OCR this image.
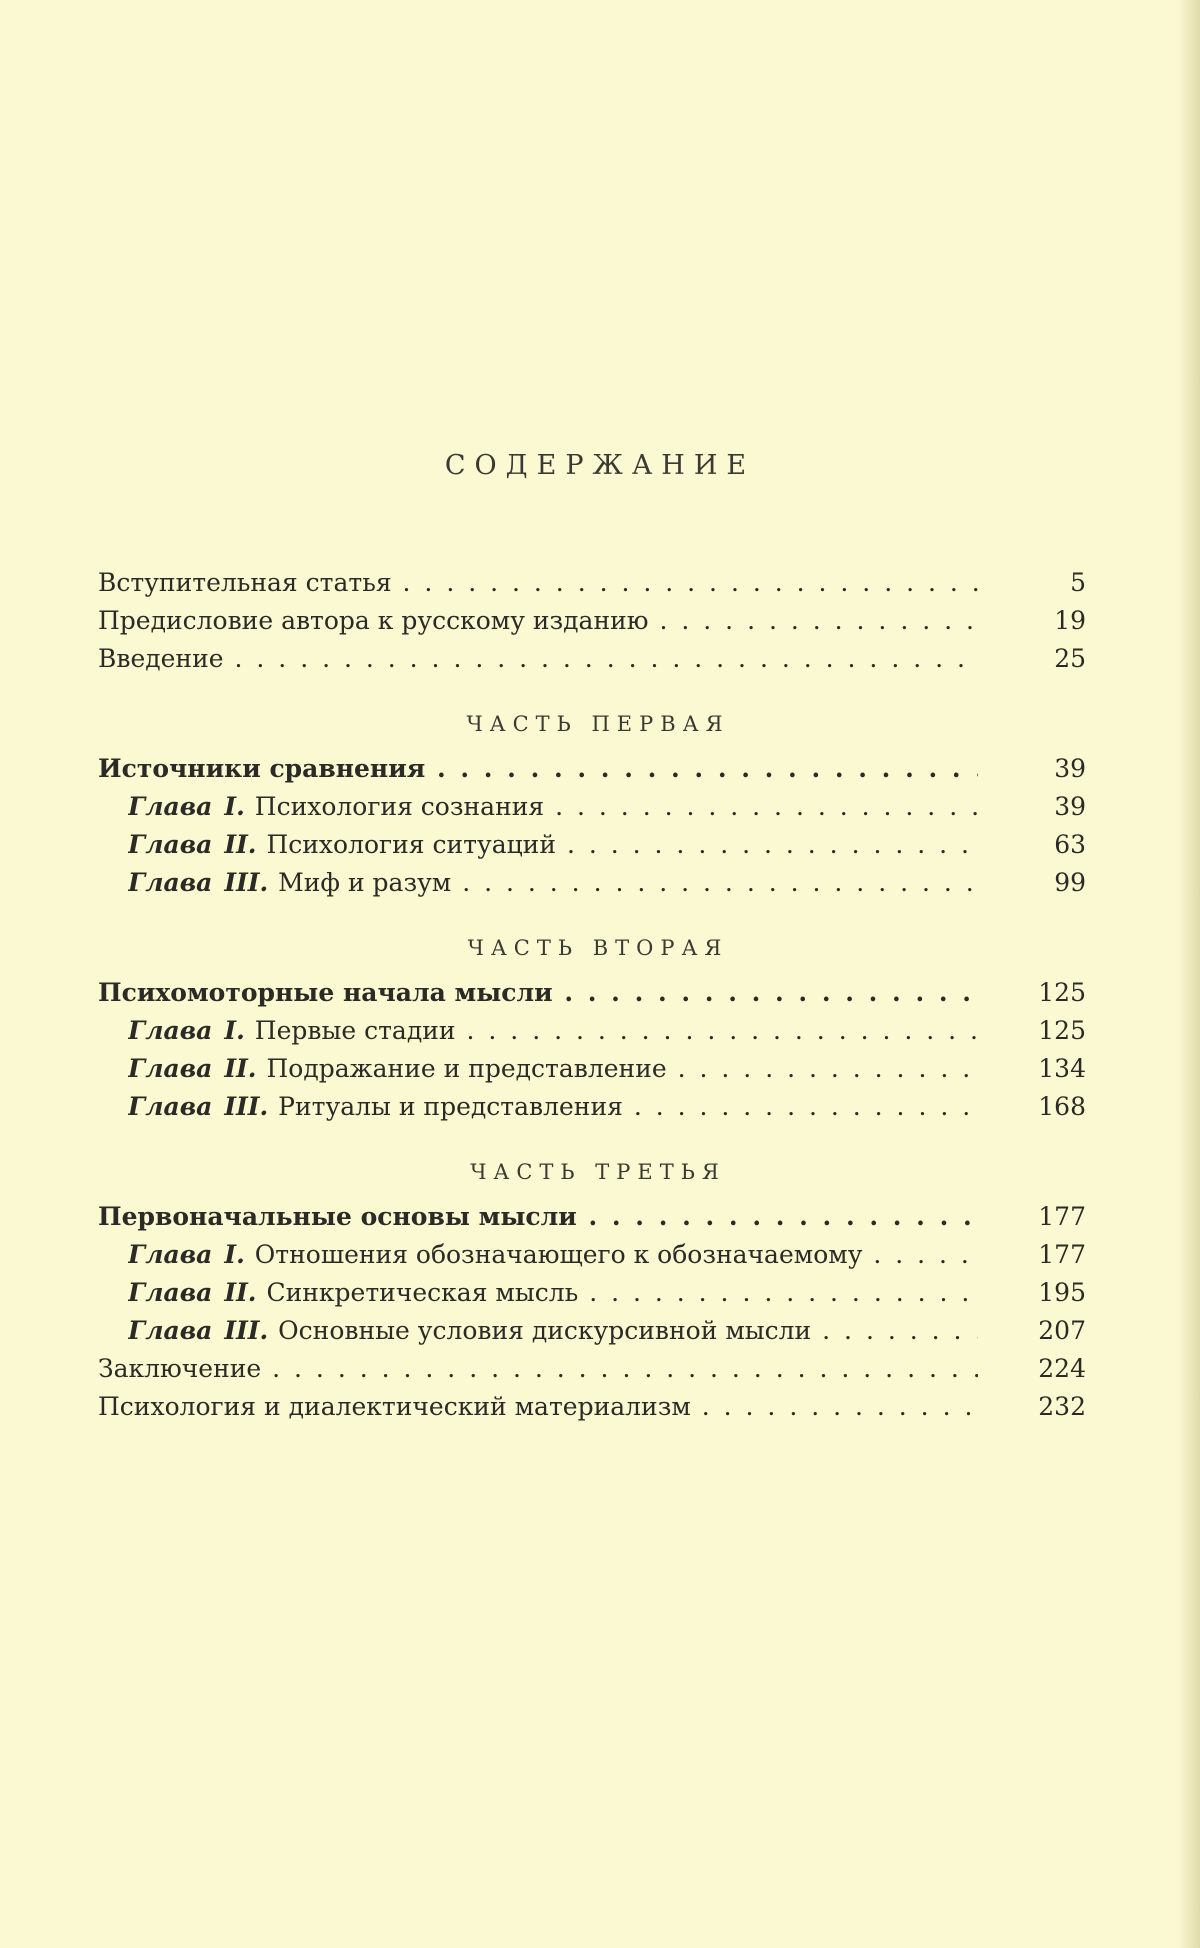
СОДЕРЖАНИЕ
Вступительная статья . . .	5
Предисловие автора к русскому изданию . . .	19
Введение . . .	25
ЧАСТЬ ПЕРВАЯ
Источники сравнения . . .	39
Глава I. Психология сознания . . .	39
Глава II. Психология ситуаций . . .	63
Глава III. Миф и разум . . .	99
ЧАСТЬ ВТОРАЯ
Психомоторные начала мысли . . .	125
Глава I. Первые стадии . . .	125
Глава II. Подражание и представление . . .	134
Глава III. Ритуалы и представления . . .	168
ЧАСТЬ ТРЕТЬЯ
Первоначальные основы мысли . . .	177
Глава I. Отношения обозначающего к обозначаемому . . .	177
Глава II. Синкретическая мысль . . .	195
Глава III. Основные условия дискурсивной мысли . . .	207
Заключение . . .	224
Психология и диалектический материализм . . .	232
